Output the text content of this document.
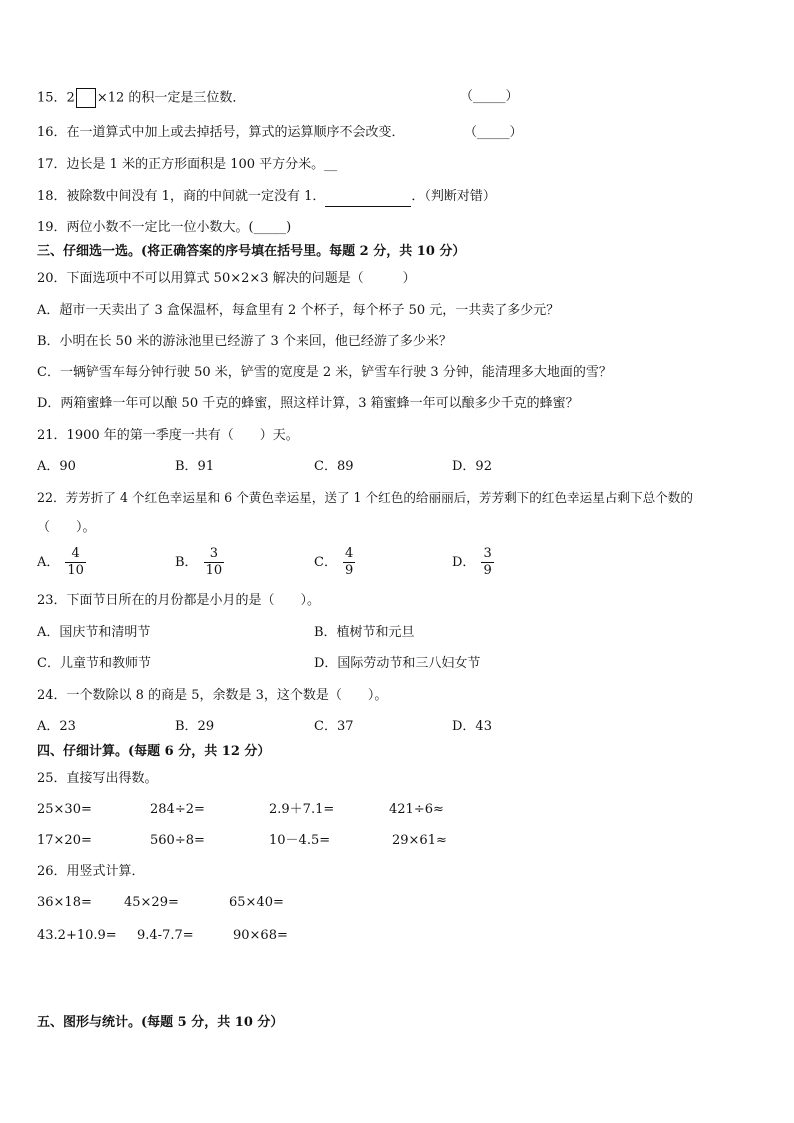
15．2 ×12 的积一定是三位数．	（_____）
16．在一道算式中加上或去掉括号，算式的运算顺序不会改变．	（_____）
17．边长是 1 米的正方形面积是 100 平方分米。__
18．被除数中间没有 1，商的中间就一定没有 1．	．（判断对错）
19．两位小数不一定比一位小数大。(_____)
三、仔细选一选。(将正确答案的序号填在括号里。每题 2 分，共 10 分）
20．下面选项中不可以用算式 50×2×3 解决的问题是（　　　）
A．超市一天卖出了 3 盒保温杯，每盒里有 2 个杯子，每个杯子 50 元，一共卖了多少元？
B．小明在长 50 米的游泳池里已经游了 3 个来回，他已经游了多少米？
C．一辆铲雪车每分钟行驶 50 米，铲雪的宽度是 2 米，铲雪车行驶 3 分钟，能清理多大地面的雪？
D．两箱蜜蜂一年可以酿 50 千克的蜂蜜，照这样计算，3 箱蜜蜂一年可以酿多少千克的蜂蜜？
21．1900 年的第一季度一共有（　　）天。
A．90	B．91	C．89	D．92
22．芳芳折了 4 个红色幸运星和 6 个黄色幸运星，送了 1 个红色的给丽丽后，芳芳剩下的红色幸运星占剩下总个数的
（　　）。
A． $\frac{4}{10}$	B． $\frac{3}{10}$	C． $\frac{4}{9}$	D． $\frac{3}{9}$
23．下面节日所在的月份都是小月的是（　　）。
A．国庆节和清明节	B．植树节和元旦
C．儿童节和教师节	D．国际劳动节和三八妇女节
24．一个数除以 8 的商是 5，余数是 3，这个数是（　　）。
A．23	B．29	C．37	D．43
四、仔细计算。(每题 6 分，共 12 分）
25．直接写出得数。
25×30=	284÷2=	2.9＋7.1=	421÷6≈
17×20=	560÷8=	10－4.5=	29×61≈
26．用竖式计算．
36×18= 45×29=	65×40=
43.2+10.9= 9.4-7.7=	90×68=
五、图形与统计。(每题 5 分，共 10 分）
